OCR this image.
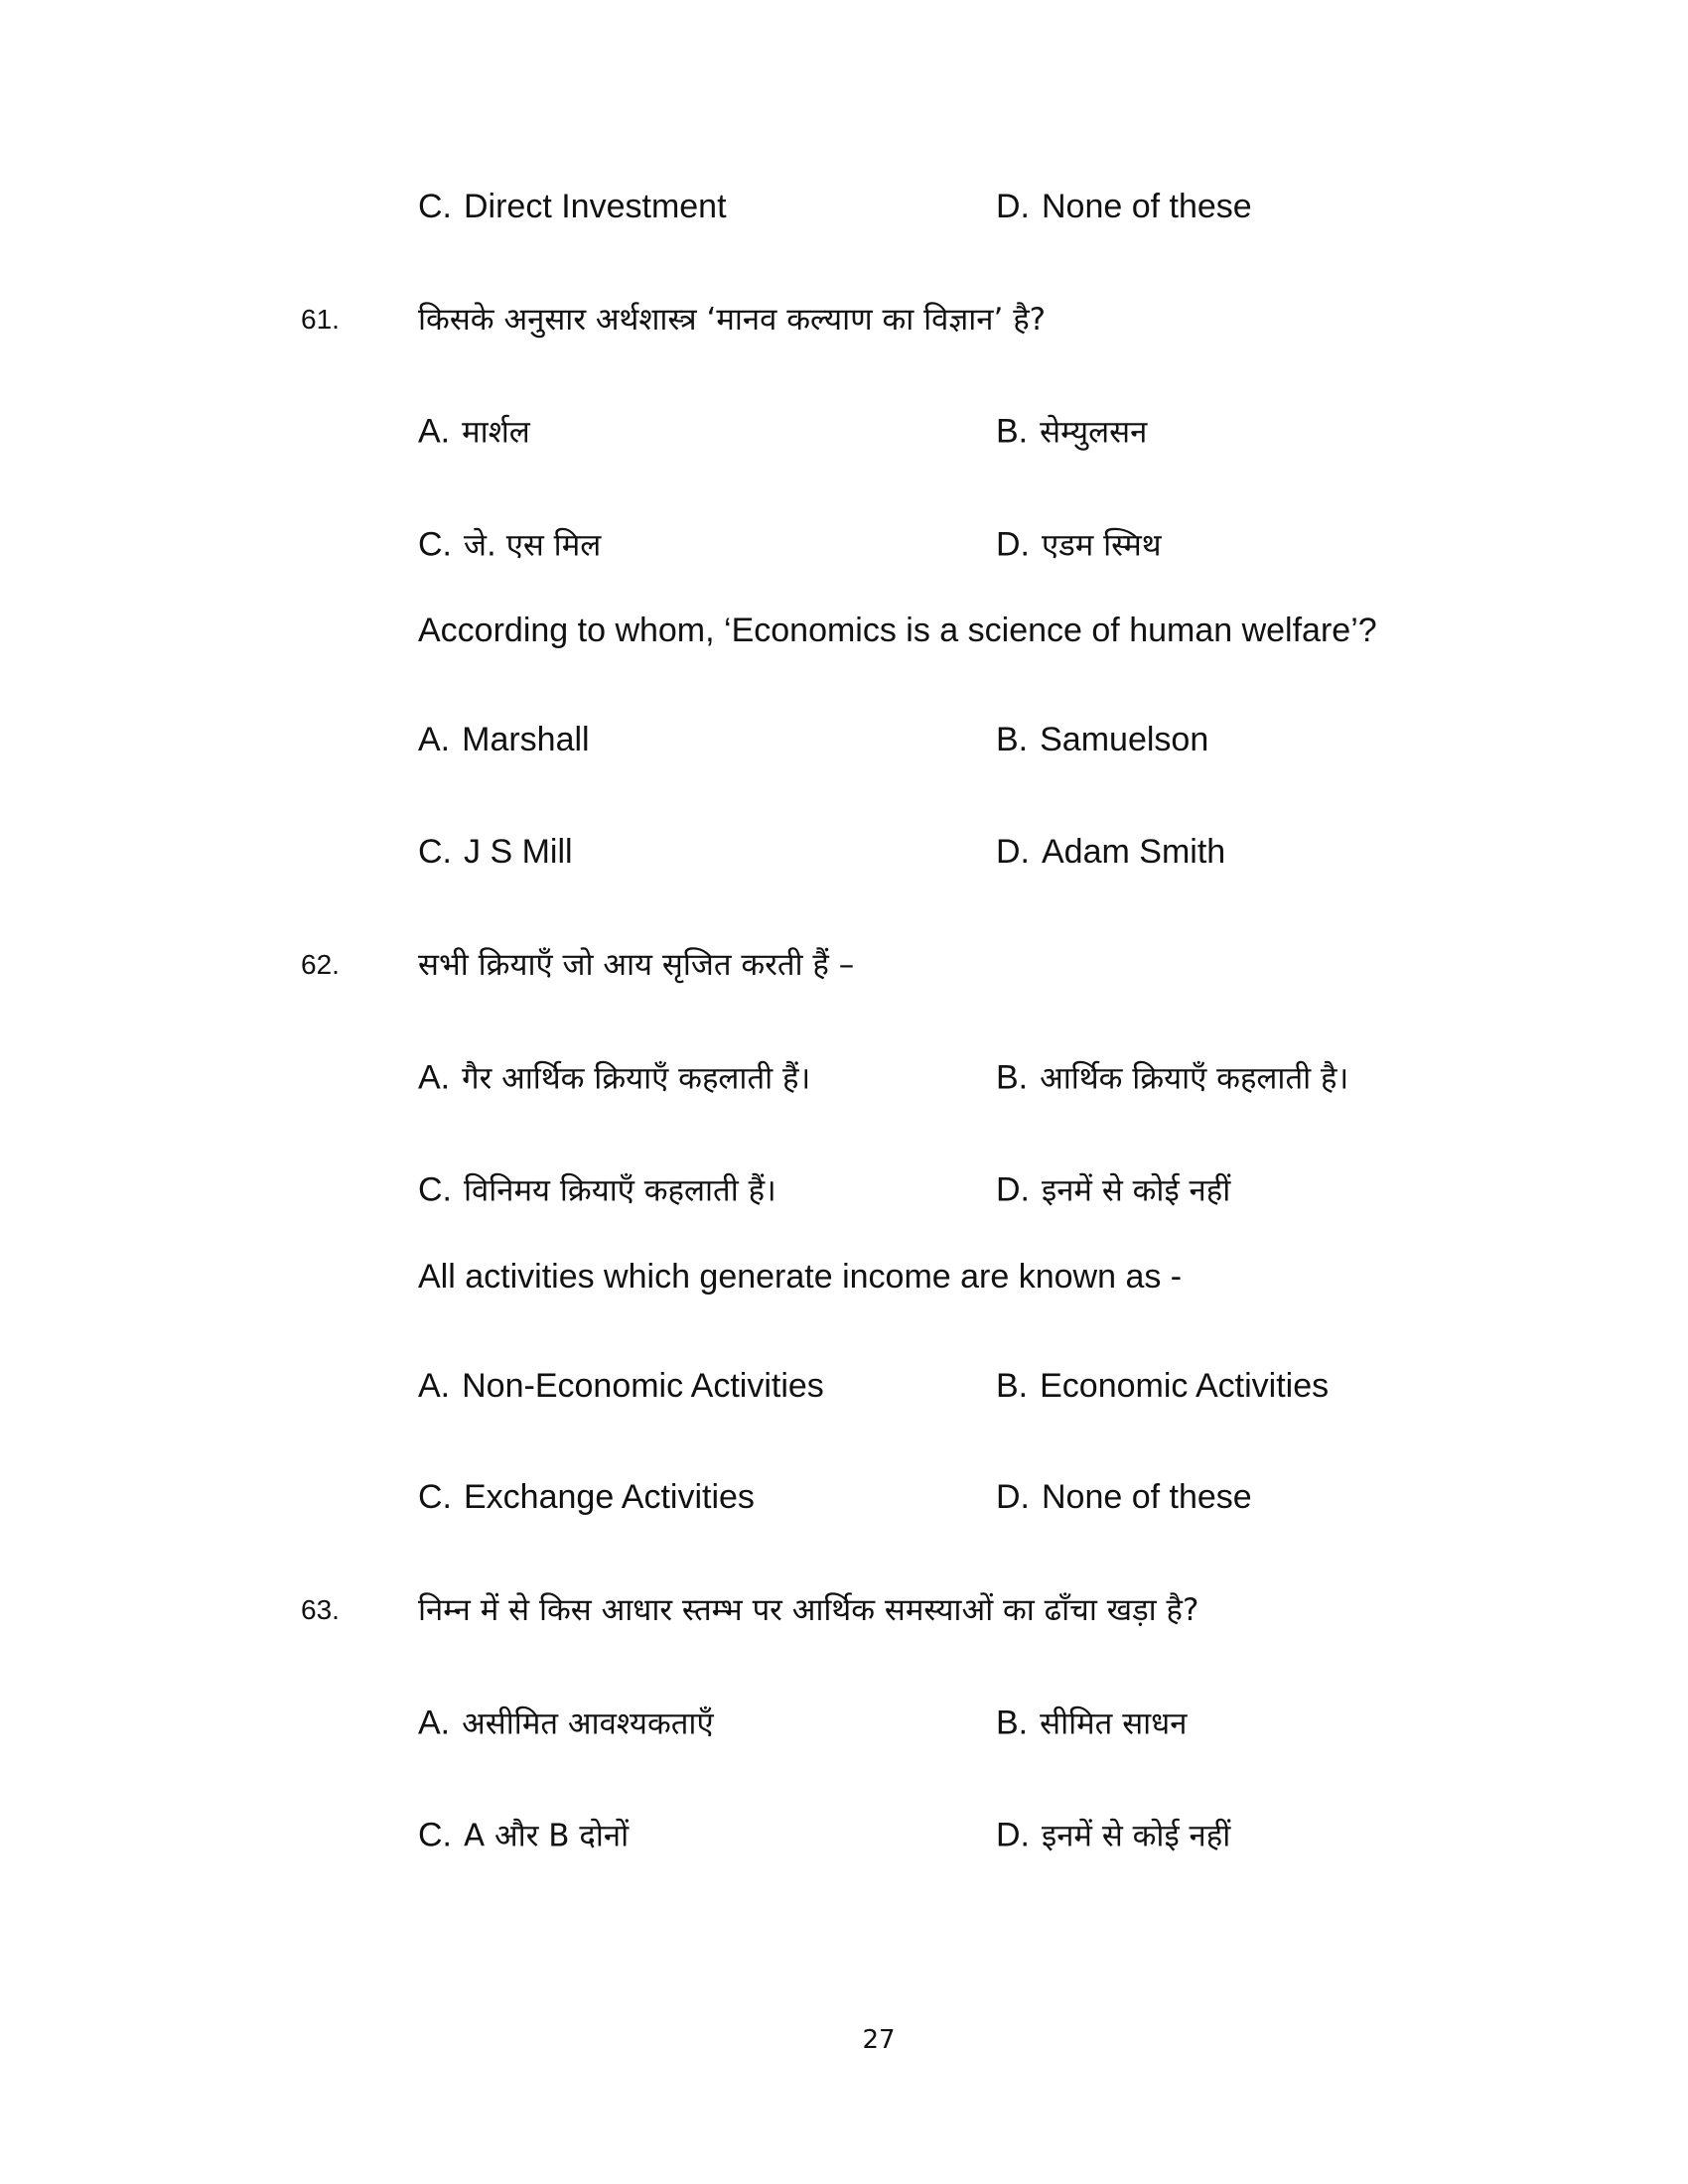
C. Direct Investment	D. None of these
61.	किसके अनुसार अर्थशास्त्र ‘मानव कल्याण का विज्ञान’ है?
A. मार्शल	B. सेम्युलसन
C. जे. एस मिल	D. एडम स्मिथ
According to whom, ‘Economics is a science of human welfare’?
A. Marshall	B. Samuelson
C. J S Mill	D. Adam Smith
62.	सभी क्रियाएँ जो आय सृजित करती हैं –
A. गैर आर्थिक क्रियाएँ कहलाती हैं।	B. आर्थिक क्रियाएँ कहलाती है।
C. विनिमय क्रियाएँ कहलाती हैं।	D. इनमें से कोई नहीं
All activities which generate income are known as -
A. Non-Economic Activities	B. Economic Activities
C. Exchange Activities	D. None of these
63.	निम्न में से किस आधार स्तम्भ पर आर्थिक समस्याओं का ढाँचा खड़ा है?
A. असीमित आवश्यकताएँ	B. सीमित साधन
C. A और B दोनों	D. इनमें से कोई नहीं
27
